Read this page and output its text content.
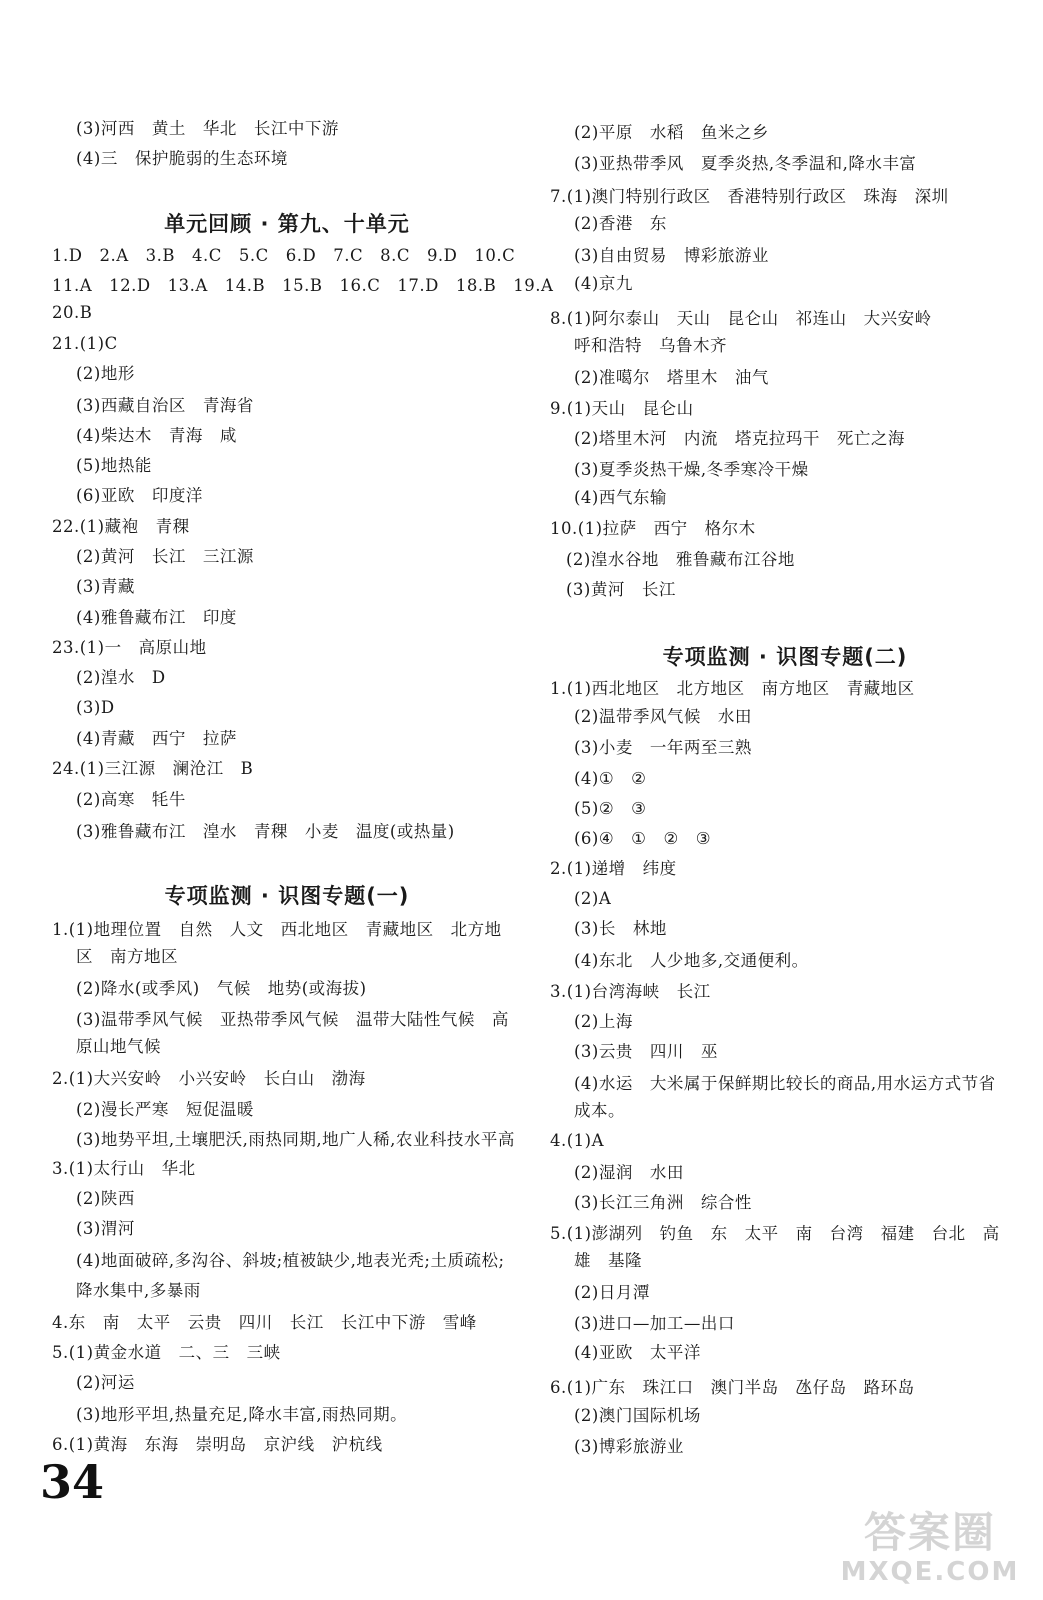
(3)河西　黄土　华北　长江中下游
(4)三　保护脆弱的生态环境
单元回顾 · 第九、十单元
1.D　2.A　3.B　4.C　5.C　6.D　7.C　8.C　9.D　10.C
11.A　12.D　13.A　14.B　15.B　16.C　17.D　18.B　19.A
20.B
21.(1)C
(2)地形
(3)西藏自治区　青海省
(4)柴达木　青海　咸
(5)地热能
(6)亚欧　印度洋
22.(1)藏袍　青稞
(2)黄河　长江　三江源
(3)青藏
(4)雅鲁藏布江　印度
23.(1)一　高原山地
(2)湟水　D
(3)D
(4)青藏　西宁　拉萨
24.(1)三江源　澜沧江　B
(2)高寒　牦牛
(3)雅鲁藏布江　湟水　青稞　小麦　温度(或热量)
专项监测 · 识图专题(一)
1.(1)地理位置　自然　人文　西北地区　青藏地区　北方地
区　南方地区
(2)降水(或季风)　气候　地势(或海拔)
(3)温带季风气候　亚热带季风气候　温带大陆性气候　高
原山地气候
2.(1)大兴安岭　小兴安岭　长白山　渤海
(2)漫长严寒　短促温暖
(3)地势平坦,土壤肥沃,雨热同期,地广人稀,农业科技水平高
3.(1)太行山　华北
(2)陕西
(3)渭河
(4)地面破碎,多沟谷、斜坡;植被缺少,地表光秃;土质疏松;
降水集中,多暴雨
4.东　南　太平　云贵　四川　长江　长江中下游　雪峰
5.(1)黄金水道　二、三　三峡
(2)河运
(3)地形平坦,热量充足,降水丰富,雨热同期。
6.(1)黄海　东海　崇明岛　京沪线　沪杭线
(2)平原　水稻　鱼米之乡
(3)亚热带季风　夏季炎热,冬季温和,降水丰富
7.(1)澳门特别行政区　香港特别行政区　珠海　深圳
(2)香港　东
(3)自由贸易　博彩旅游业
(4)京九
8.(1)阿尔泰山　天山　昆仑山　祁连山　大兴安岭
呼和浩特　乌鲁木齐
(2)准噶尔　塔里木　油气
9.(1)天山　昆仑山
(2)塔里木河　内流　塔克拉玛干　死亡之海
(3)夏季炎热干燥,冬季寒冷干燥
(4)西气东输
10.(1)拉萨　西宁　格尔木
(2)湟水谷地　雅鲁藏布江谷地
(3)黄河　长江
专项监测 · 识图专题(二)
1.(1)西北地区　北方地区　南方地区　青藏地区
(2)温带季风气候　水田
(3)小麦　一年两至三熟
(4)①　②
(5)②　③
(6)④　①　②　③
2.(1)递增　纬度
(2)A
(3)长　林地
(4)东北　人少地多,交通便利。
3.(1)台湾海峡　长江
(2)上海
(3)云贵　四川　巫
(4)水运　大米属于保鲜期比较长的商品,用水运方式节省
成本。
4.(1)A
(2)湿润　水田
(3)长江三角洲　综合性
5.(1)澎湖列　钓鱼　东　太平　南　台湾　福建　台北　高
雄　基隆
(2)日月潭
(3)进口—加工—出口
(4)亚欧　太平洋
6.(1)广东　珠江口　澳门半岛　氹仔岛　路环岛
(2)澳门国际机场
(3)博彩旅游业
34
答案圈
MXQE.COM
